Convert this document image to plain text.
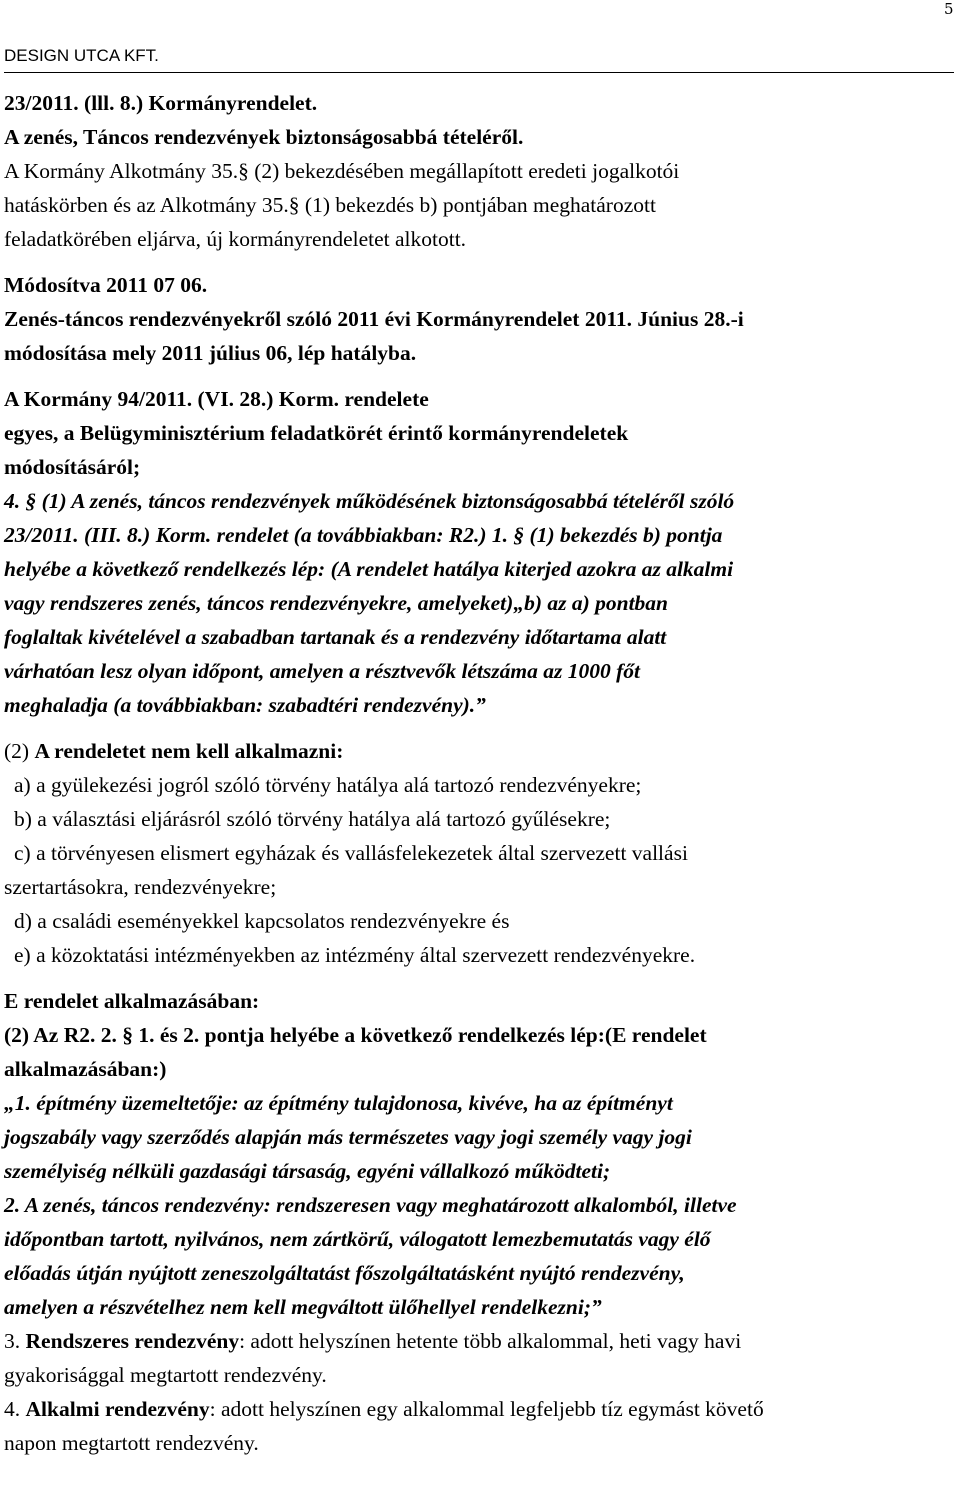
5
DESIGN UTCA KFT.

23/2011. (lll. 8.) Kormányrendelet.

A zenés, Táncos rendezvények biztonságosabbá tételéről.

A Kormány Alkotmány 35.§ (2) bekezdésében megállapított eredeti jogalkotói
hatáskörben és az Alkotmány 35.§ (1) bekezdés b) pontjában meghatározott
feladatkörében eljárva, új kormányrendeletet alkotott.

Módosítva 2011 07 06.
Zenés-táncos rendezvényekről szóló 2011 évi Kormányrendelet 2011. Június 28.-i
módosítása mely 2011 július 06, lép hatályba.

A Kormány 94/2011. (VI. 28.) Korm. rendelete
egyes, a Belügyminisztérium feladatkörét érintő kormányrendeletek
módosításáról;

4. § (1) A zenés, táncos rendezvények működésének biztonságosabbá tételéről szóló
23/2011. (III. 8.) Korm. rendelet (a továbbiakban: R2.) 1. § (1) bekezdés b) pontja
helyébe a következő rendelkezés lép: (A rendelet hatálya kiterjed azokra az alkalmi
vagy rendszeres zenés, táncos rendezvényekre, amelyeket)„b) az a) pontban
foglaltak kivételével a szabadban tartanak és a rendezvény időtartama alatt
várhatóan lesz olyan időpont, amelyen a résztvevők létszáma az 1000 főt
meghaladja (a továbbiakban: szabadtéri rendezvény).”

(2) A rendeletet nem kell alkalmazni:

a) a gyülekezési jogról szóló törvény hatálya alá tartozó rendezvényekre;

b) a választási eljárásról szóló törvény hatálya alá tartozó gyűlésekre;

c) a törvényesen elismert egyházak és vallásfelekezetek által szervezett vallási

szertartásokra, rendezvényekre;

d) a családi eseményekkel kapcsolatos rendezvényekre és

e) a közoktatási intézményekben az intézmény által szervezett rendezvényekre.

E rendelet alkalmazásában:

(2) Az R2. 2. § 1. és 2. pontja helyébe a következő rendelkezés lép:(E rendelet
alkalmazásában:)

„1. építmény üzemeltetője: az építmény tulajdonosa, kivéve, ha az építményt
jogszabály vagy szerződés alapján más természetes vagy jogi személy vagy jogi
személyiség nélküli gazdasági társaság, egyéni vállalkozó működteti;

2. A zenés, táncos rendezvény: rendszeresen vagy meghatározott alkalomból, illetve
időpontban tartott, nyilvános, nem zártkörű, válogatott lemezbemutatás vagy élő
előadás útján nyújtott zeneszolgáltatást főszolgáltatásként nyújtó rendezvény,
amelyen a részvételhez nem kell megváltott ülőhellyel rendelkezni;”

3. Rendszeres rendezvény: adott helyszínen hetente több alkalommal, heti vagy havi
gyakorisággal megtartott rendezvény.

4. Alkalmi rendezvény: adott helyszínen egy alkalommal legfeljebb tíz egymást követő
napon megtartott rendezvény.
